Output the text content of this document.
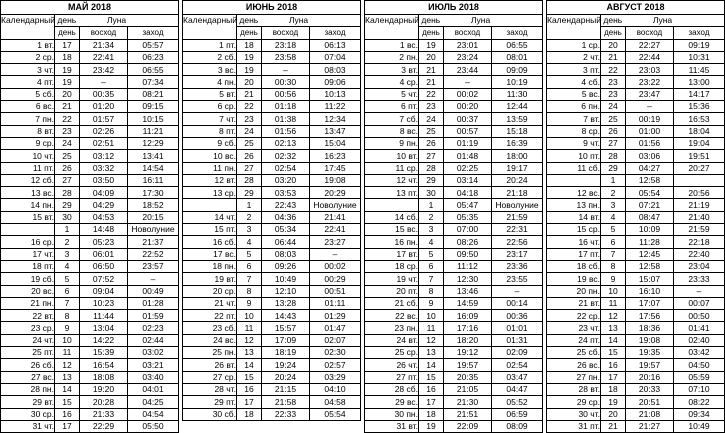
МАЙ 2018			
Календарный день	Луна		
	день	восход	заход
1 вт.	17	21:34	05:57
2 ср.	18	22:41	06:23
3 чт.	19	23:42	06:55
4 пт.	19	–	07:34
5 сб.	20	00:35	08:21
6 вс.	21	01:20	09:15
7 пн.	22	01:57	10:15
8 вт.	23	02:26	11:21
9 ср.	24	02:51	12:29
10 чт.	25	03:12	13:41
11 пт.	26	03:32	14:54
12 сб.	27	03:50	16:11
13 вс.	28	04:09	17:30
14 пн.	29	04:29	18:52
15 вт.	30	04:53	20:15
	1	14:48	Новолуние
16 ср.	2	05:23	21:37
17 чт.	3	06:01	22:52
18 пт.	4	06:50	23:57
19 сб.	5	07:52	–
20 вс.	6	09:04	00:49
21 пн.	7	10:23	01:28
22 вт.	8	11:44	01:59
23 ср.	9	13:04	02:23
24 чт.	10	14:22	02:44
25 пт.	11	15:39	03:02
26 сб.	12	16:54	03:21
27 вс.	13	18:08	03:40
28 пн.	14	19:20	04:01
29 вт.	15	20:28	04:25
30 ср.	16	21:33	04:54
31 чт.	17	22:29	05:50
ИЮНЬ 2018			
Календарный день	Луна		
	день	восход	заход
1 пт.	18	23:18	06:13
2 сб.	19	23:58	07:04
3 вс.	19	–	08:03
4 пн.	20	00:30	09:06
5 вт.	21	00:56	10:13
6 ср.	22	01:18	11:22
7 чт.	23	01:38	12:34
8 пт.	24	01:56	13:47
9 сб.	25	02:13	15:04
10 вс.	26	02:32	16:23
11 пн.	27	02:54	17:45
12 вт.	28	03:20	19:08
13 ср.	29	03:53	20:29
	1	22:43	Новолуние
14 чт.	2	04:36	21:41
15 пт.	3	05:34	22:41
16 сб.	4	06:44	23:27
17 вс.	5	08:03	–
18 пн.	6	09:26	00:02
19 вт.	7	10:49	00:29
20 ср.	8	12:10	00:51
21 чт.	9	13:28	01:11
22 пт.	10	14:43	01:29
23 сб.	11	15:57	01:47
24 вс.	12	17:09	02:07
25 пн.	13	18:19	02:30
26 вт.	14	19:24	02:57
27 ср.	15	20:24	03:29
28 чт.	16	21:15	04:10
29 пт.	17	21:58	04:58
30 сб.	18	22:33	05:54
ИЮЛЬ 2018			
Календарный день	Луна		
	день	восход	заход
1 вс.	19	23:01	06:55
2 пн.	20	23:24	08:01
3 вт.	21	23:44	09:09
4 ср.	21	–	10:19
5 чт.	22	00:02	11:30
6 пт.	23	00:20	12:44
7 сб.	24	00:37	13:59
8 вс.	25	00:57	15:18
9 пн.	26	01:19	16:39
10 вт.	27	01:48	18:00
11 ср.	28	02:25	19:17
12 чт.	29	03:14	20:24
13 пт.	30	04:18	21:18
	1	05:47	Новолуние
14 сб.	2	05:35	21:59
15 вс.	3	07:00	22:31
16 пн.	4	08:26	22:56
17 вт.	5	09:50	23:17
18 ср.	6	11:12	23:36
19 чт.	7	12:30	23:55
20 пт.	8	13:46	–
21 сб.	9	14:59	00:14
22 вс.	10	16:09	00:36
23 пн.	11	17:16	01:01
24 вт.	12	18:20	01:31
25 ср.	13	19:12	02:09
26 чт.	14	19:57	02:54
27 пт.	15	20:35	03:47
28 сб.	16	21:05	04:47
29 вс.	17	21:30	05:52
30 пн.	18	21:51	06:59
31 вт.	19	22:09	08:09
АВГУСТ 2018			
Календарный день	Луна		
	день	восход	заход
1 ср.	20	22:27	09:19
2 чт.	21	22:44	10:31
3 пт.	22	23:03	11:45
4 сб.	23	23:22	13:00
5 вс.	23	23:47	14:17
6 пн.	24	–	15:36
7 вт.	25	00:19	16:53
8 ср.	26	01:00	18:04
9 чт.	27	01:56	19:04
10 пт.	28	03:06	19:51
11 сб.	29	04:27	20:27
	1	12:58	
12 вс.	2	05:54	20:56
13 пн.	3	07:21	21:19
14 вт.	4	08:47	21:40
15 ср.	5	10:09	21:59
16 чт.	6	11:28	22:18
17 пт.	7	12:45	22:40
18 сб.	8	12:58	23:04
19 вс.	9	15:07	23:33
20 пн.	10	16:10	–
21 вт.	11	17:07	00:07
22 ср.	12	17:56	00:50
23 чт.	13	18:36	01:41
24 пт.	14	19:08	02:40
25 сб.	15	19:35	03:42
26 вс.	16	19:57	04:50
27 пн.	17	20:16	05:59
28 вт.	18	20:33	07:10
29 ср.	19	20:51	08:22
30 чт.	20	21:08	09:34
31 пт.	21	21:27	10:49
